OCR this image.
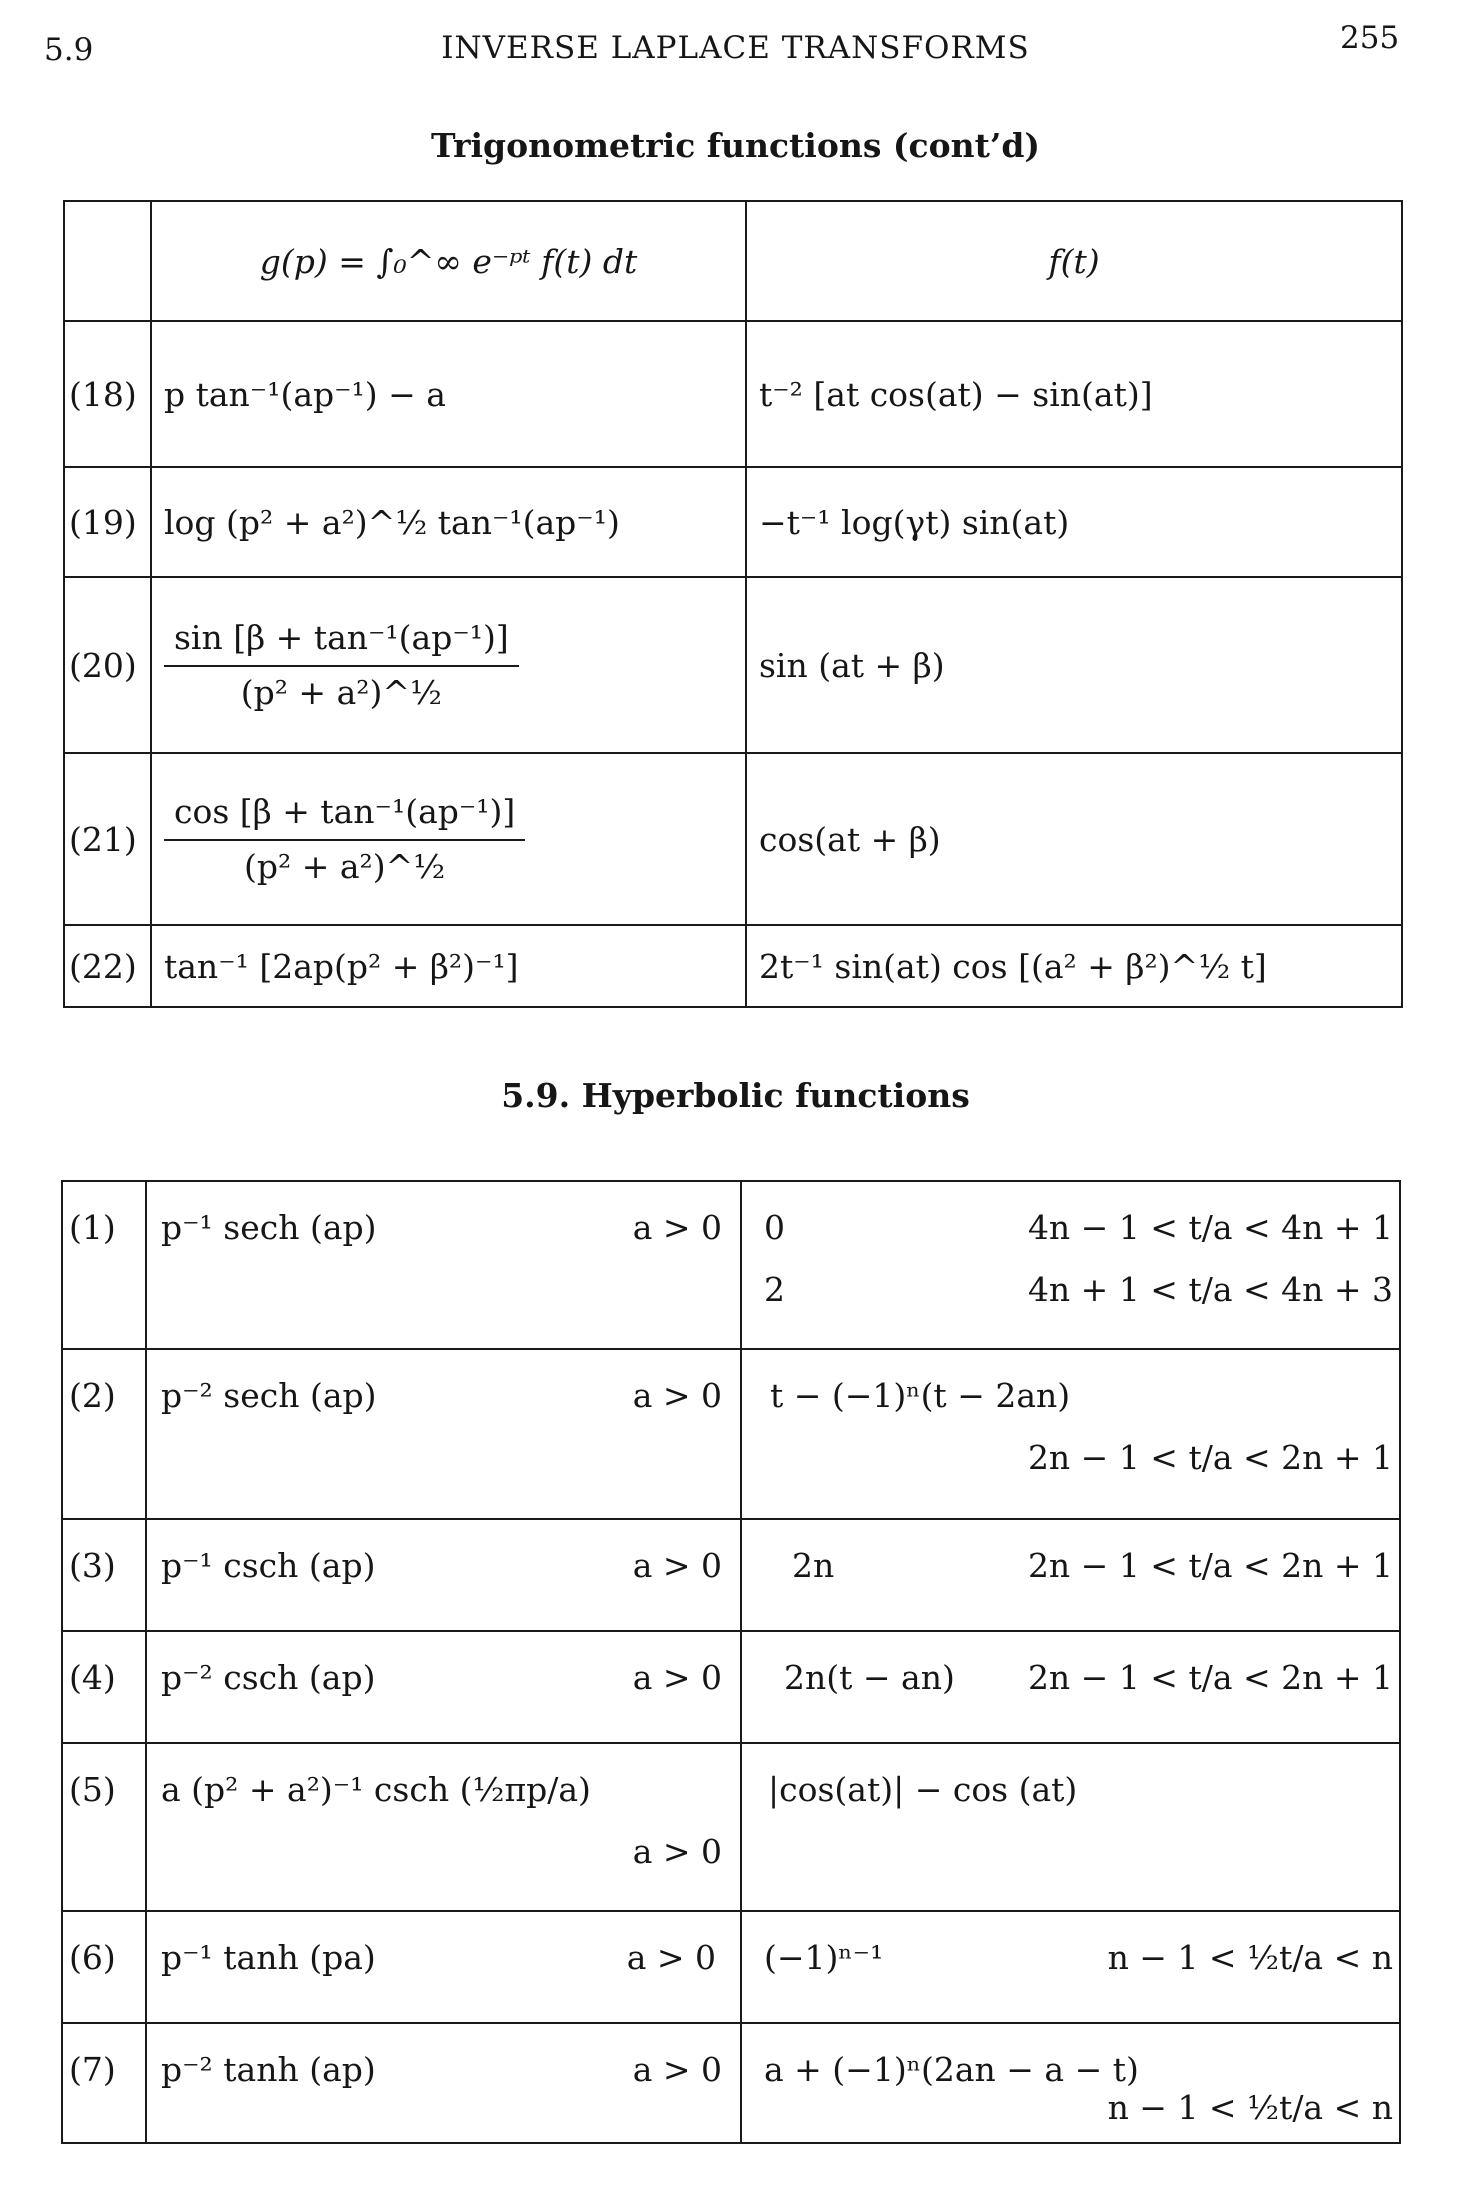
5.9	INVERSE LAPLACE TRANSFORMS	255
Trigonometric functions (cont’d)
	g(p) = ∫₀^∞ e⁻ᵖᵗ f(t) dt	f(t)
(18)	p tan⁻¹(ap⁻¹) − a	t⁻² [at cos(at) − sin(at)]
(19)	log (p² + a²)^½ tan⁻¹(ap⁻¹)	−t⁻¹ log(γt) sin(at)
(20)	$\frac{\text{sin [β + tan⁻¹(ap⁻¹)]}}{\text{(p² + a²)\textasciicircum{}½}}$	sin (at + β)
(21)	$\frac{\text{cos [β + tan⁻¹(ap⁻¹)]}}{\text{(p² + a²)\textasciicircum{}½}}$	cos(at + β)
(22)	tan⁻¹ [2ap(p² + β²)⁻¹]	2t⁻¹ sin(at) cos [(a² + β²)^½ t]
5.9. Hyperbolic functions
(1)	p⁻¹ sech (ap) a > 0	0 4n − 1 < t/a < 4n + 1
2 4n + 1 < t/a < 4n + 3

(2)	p⁻² sech (ap) a > 0	t − (−1)ⁿ(t − 2an)
2n − 1 < t/a < 2n + 1

(3)	p⁻¹ csch (ap) a > 0	2n 2n − 1 < t/a < 2n + 1

(4)	p⁻² csch (ap) a > 0	2n(t − an) 2n − 1 < t/a < 2n + 1

(5)	a (p² + a²)⁻¹ csch (½πp/a)
a > 0	|cos(at)| − cos (at)

(6)	p⁻¹ tanh (pa) a > 0	(−1)ⁿ⁻¹ n − 1 < ½t/a < n

(7)	p⁻² tanh (ap) a > 0	a + (−1)ⁿ(2an − a − t)
n − 1 < ½t/a < n
